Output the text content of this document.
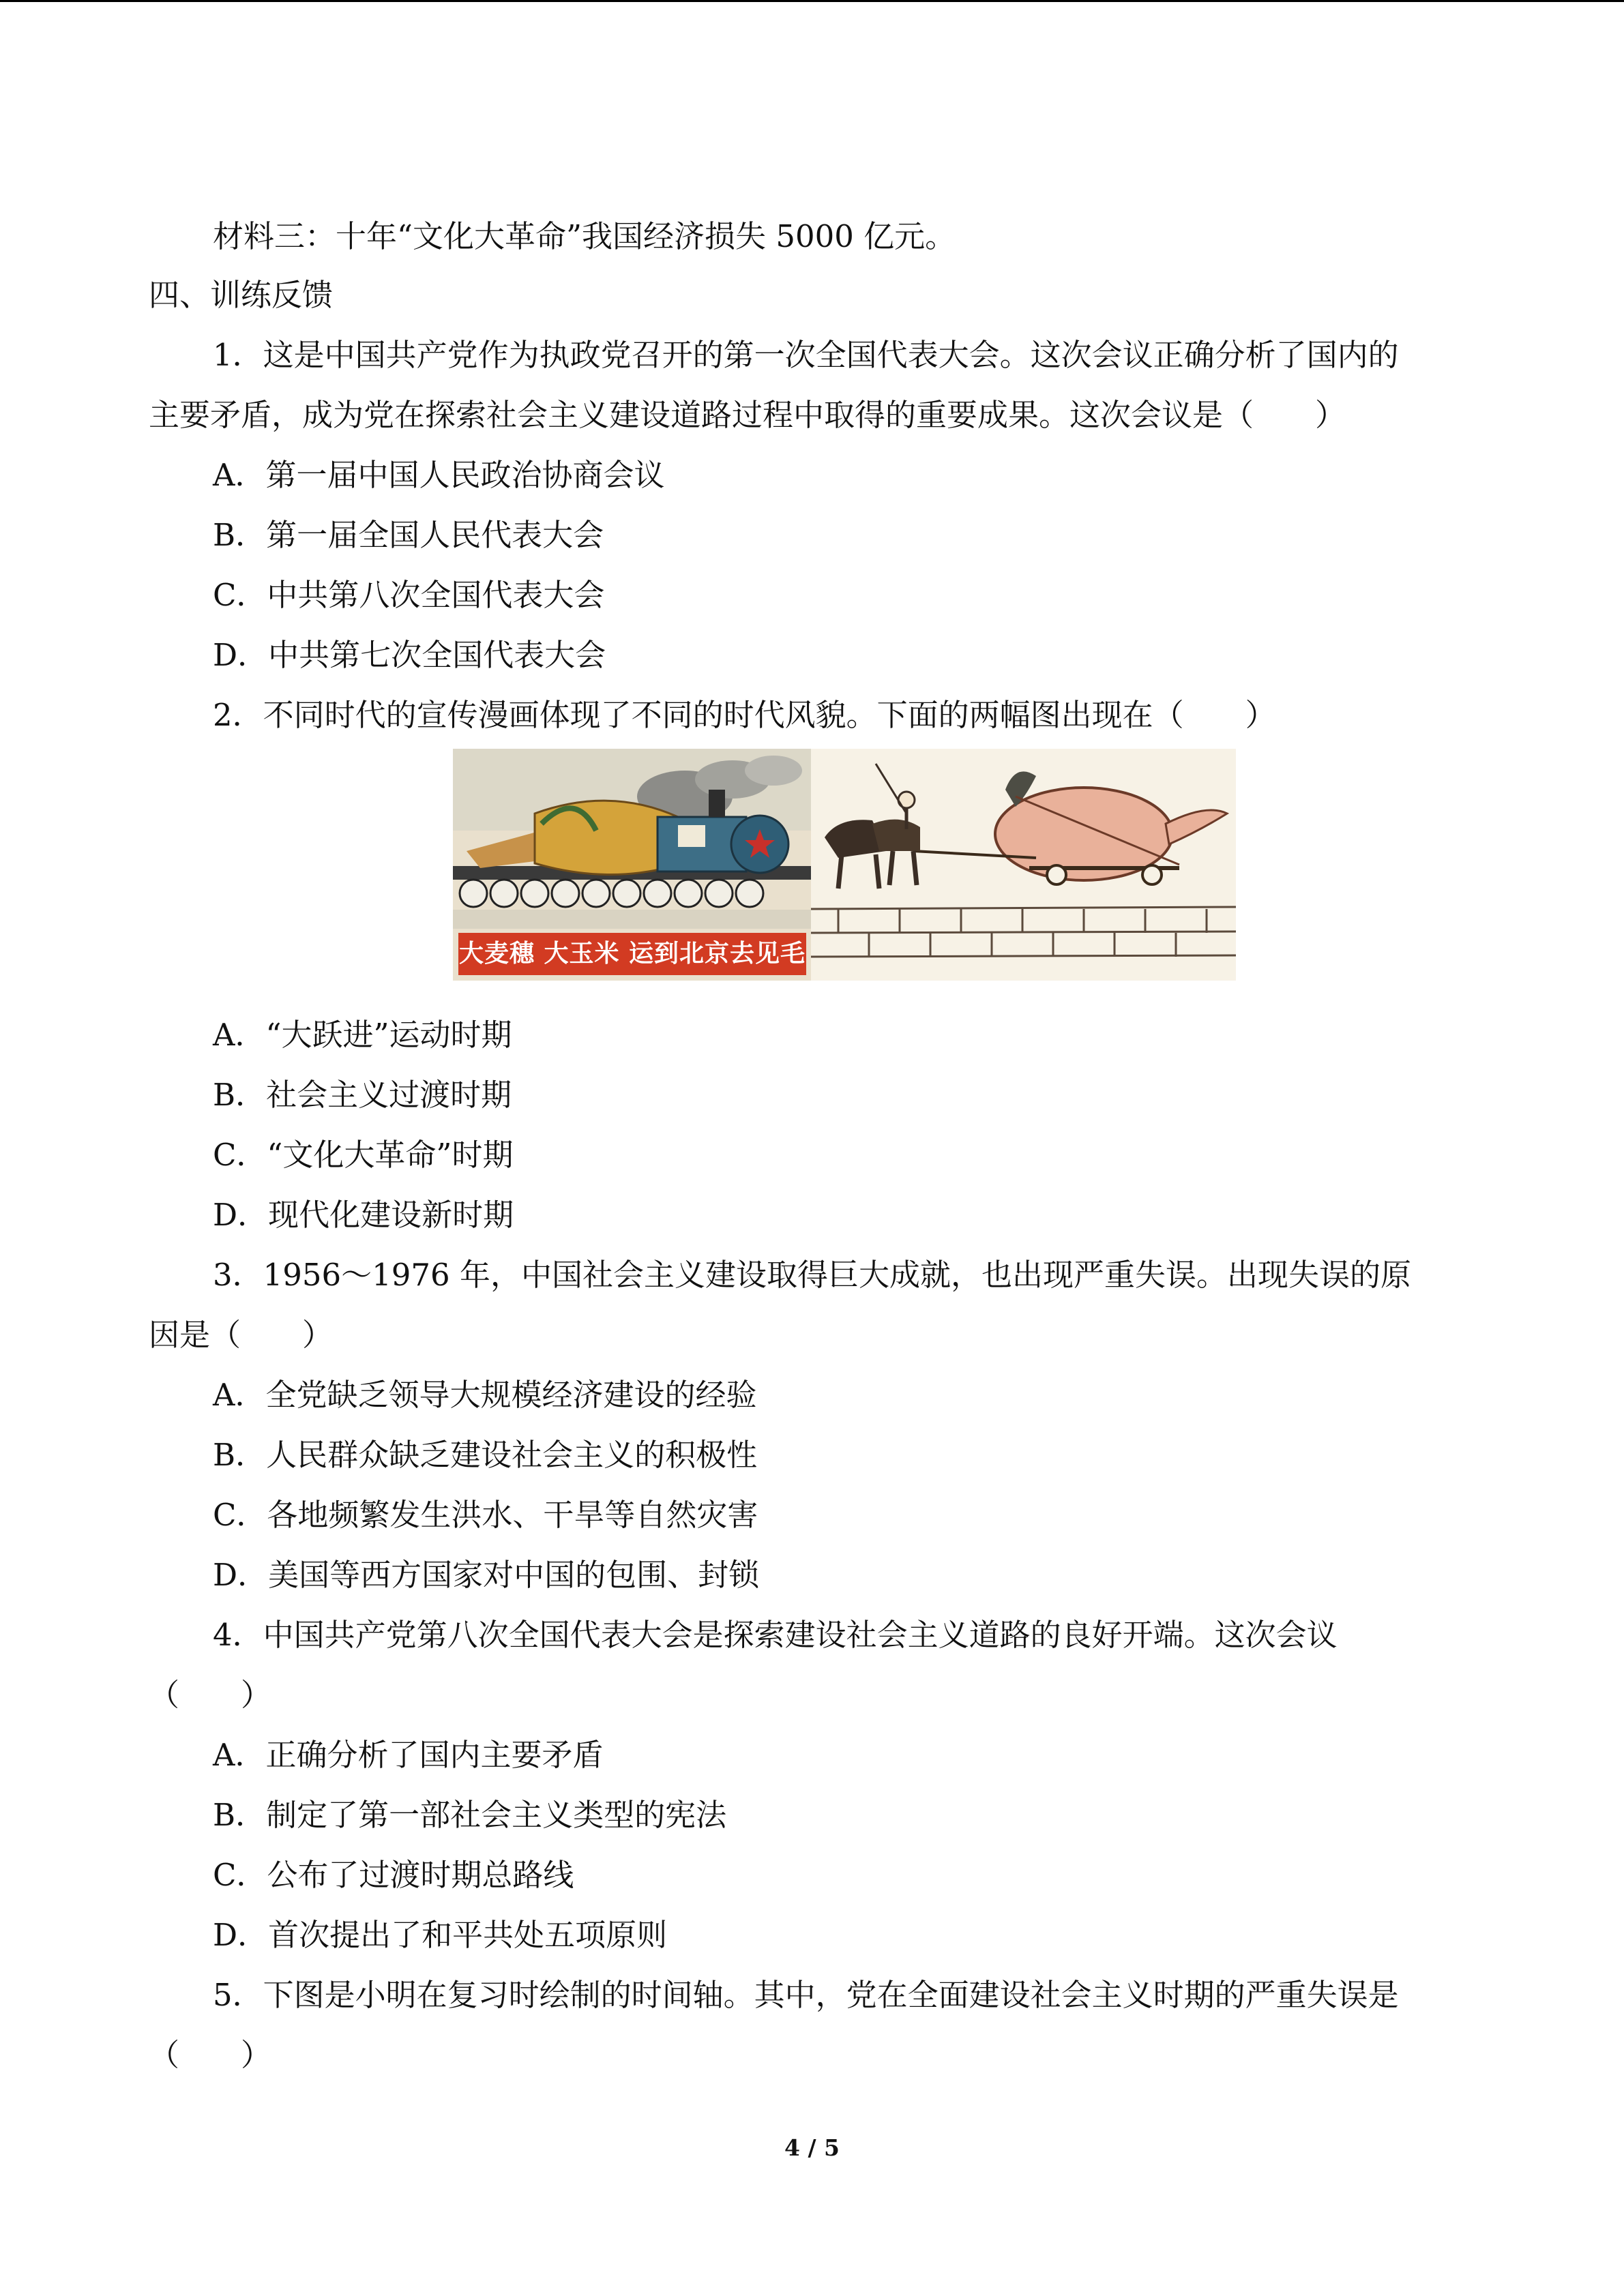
材料三：十年“文化大革命”我国经济损失 5000 亿元。
四、训练反馈
1．这是中国共产党作为执政党召开的第一次全国代表大会。这次会议正确分析了国内的
主要矛盾，成为党在探索社会主义建设道路过程中取得的重要成果。这次会议是（　　）
A．第一届中国人民政治协商会议
B．第一届全国人民代表大会
C．中共第八次全国代表大会
D．中共第七次全国代表大会
2．不同时代的宣传漫画体现了不同的时代风貌。下面的两幅图出现在（　　）
大麦穗 大玉米 运到北京去见毛主席
A．“大跃进”运动时期
B．社会主义过渡时期
C．“文化大革命”时期
D．现代化建设新时期
3．1956～1976 年，中国社会主义建设取得巨大成就，也出现严重失误。出现失误的原
因是（　　）
A．全党缺乏领导大规模经济建设的经验
B．人民群众缺乏建设社会主义的积极性
C．各地频繁发生洪水、干旱等自然灾害
D．美国等西方国家对中国的包围、封锁
4．中国共产党第八次全国代表大会是探索建设社会主义道路的良好开端。这次会议
（　　）
A．正确分析了国内主要矛盾
B．制定了第一部社会主义类型的宪法
C．公布了过渡时期总路线
D．首次提出了和平共处五项原则
5．下图是小明在复习时绘制的时间轴。其中，党在全面建设社会主义时期的严重失误是
（　　）
4 / 5
